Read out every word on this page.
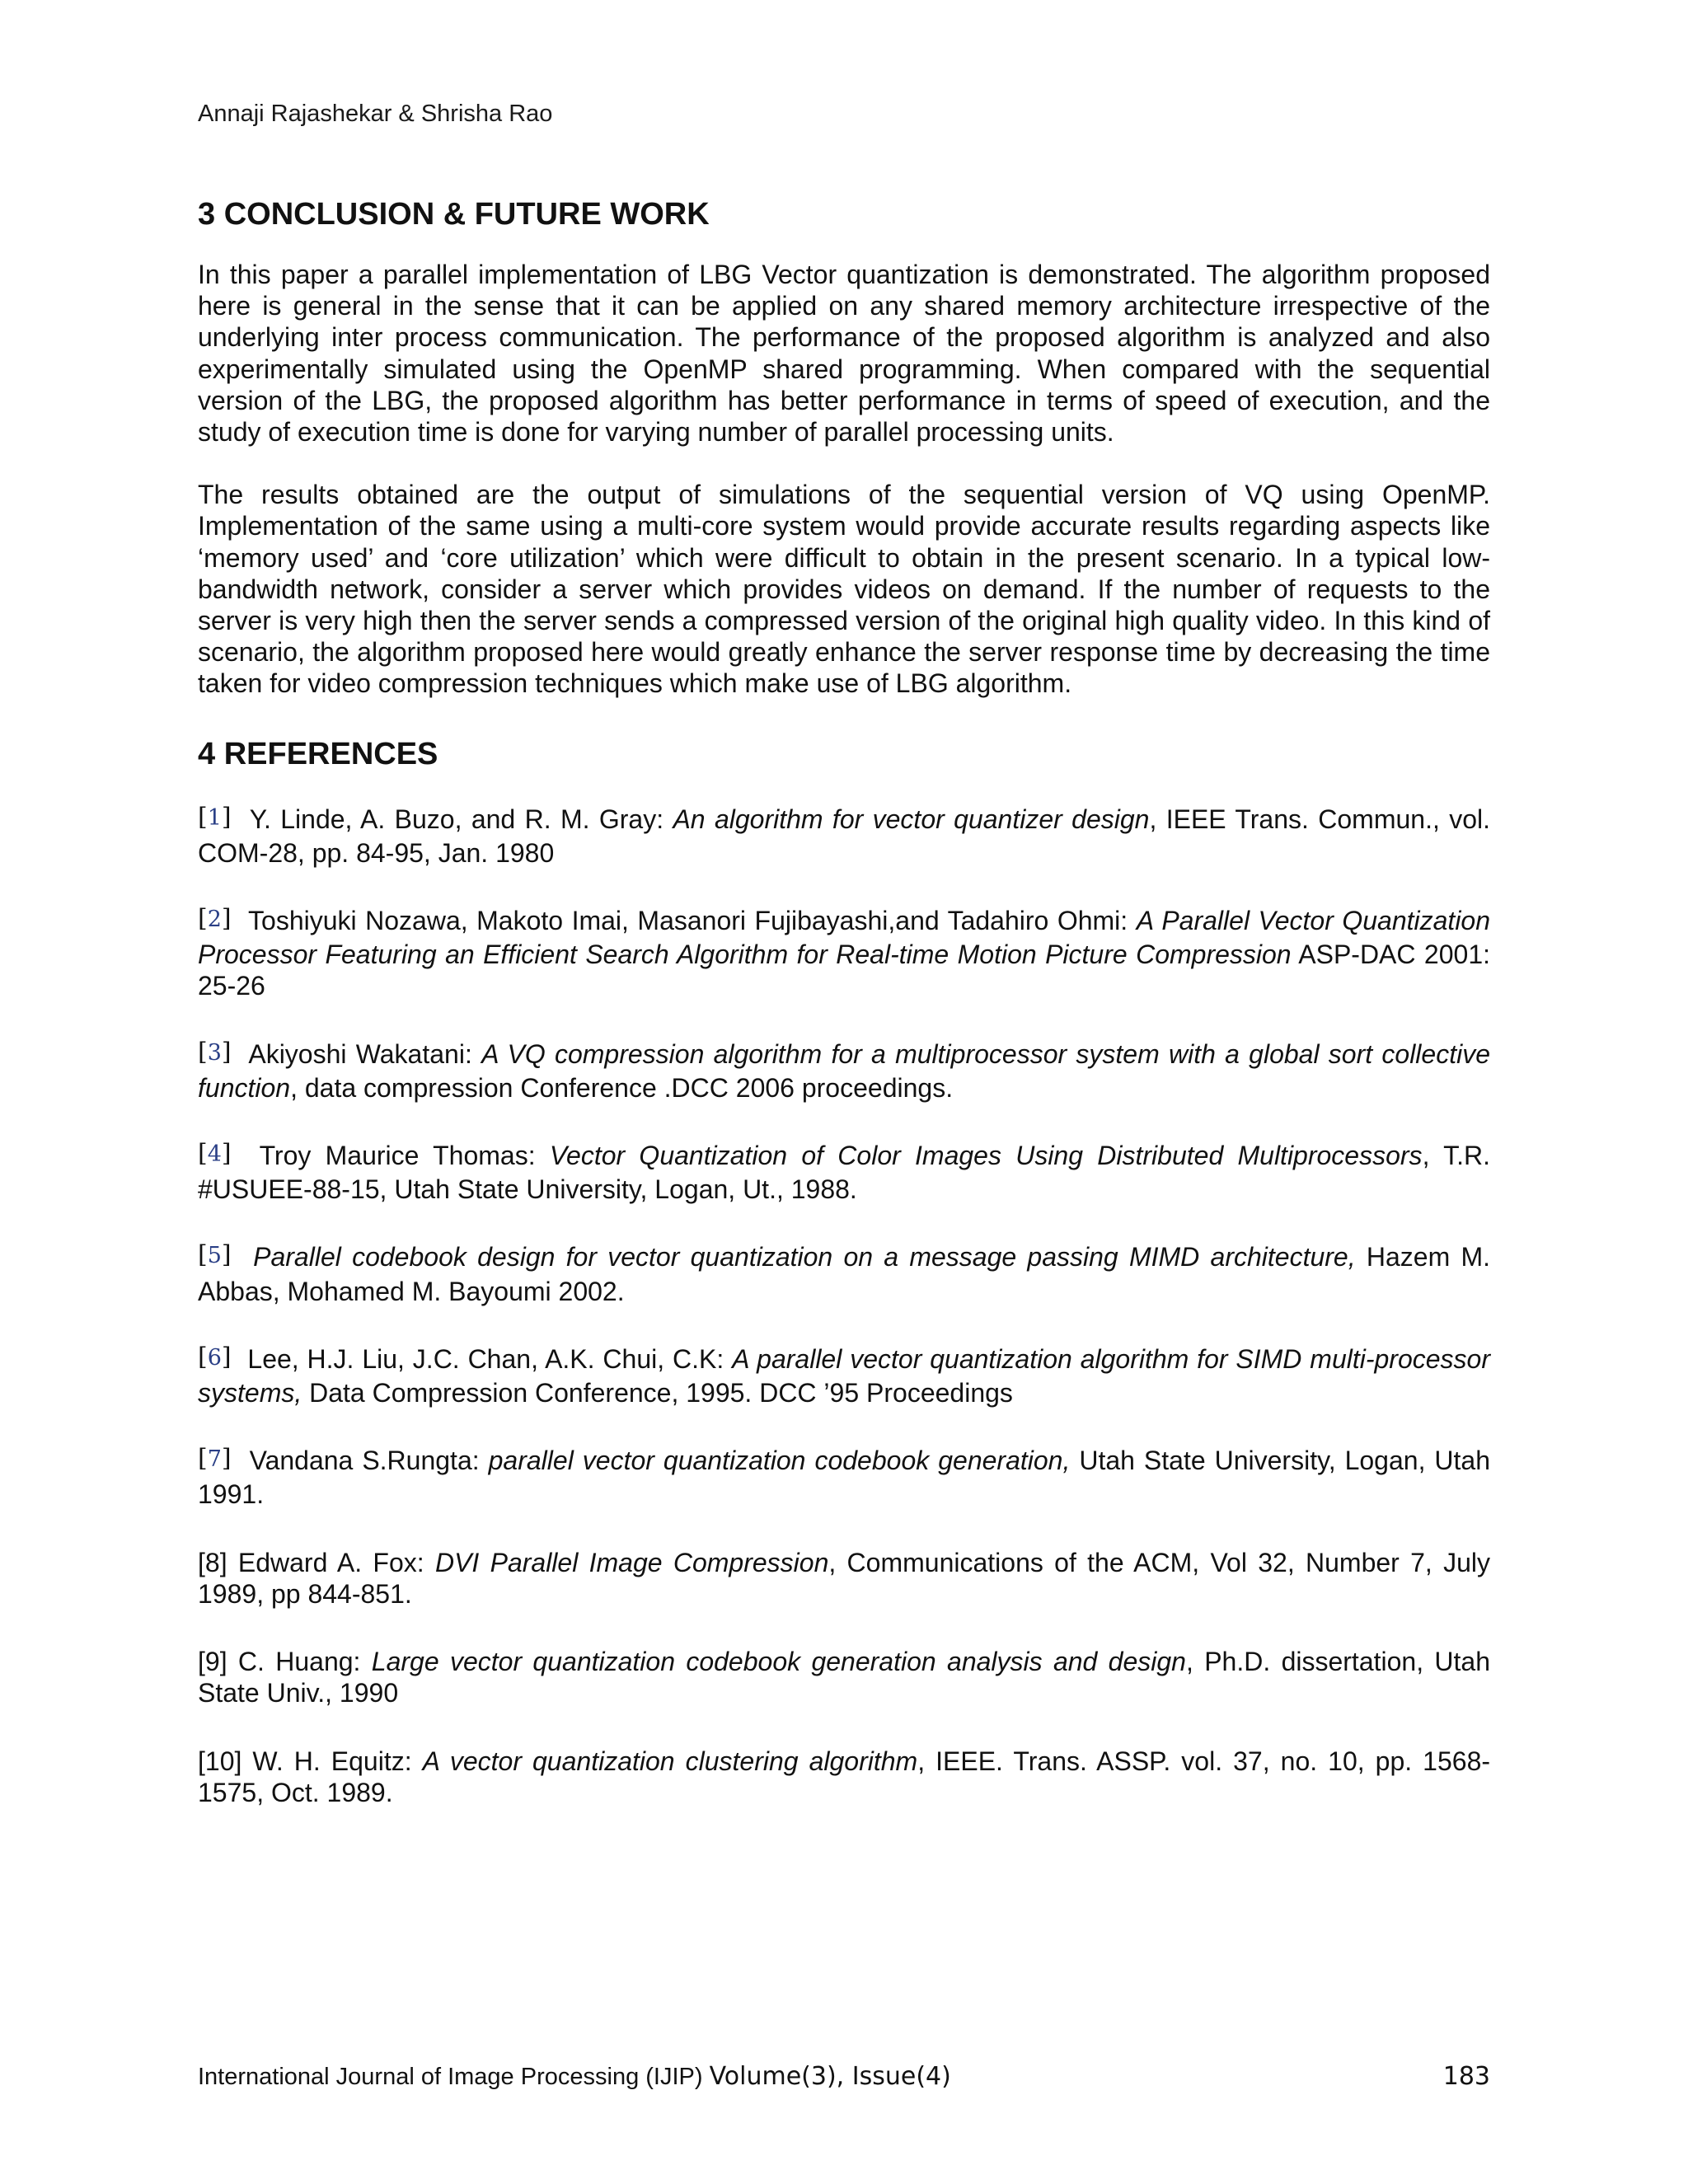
Annaji Rajashekar & Shrisha Rao
3 CONCLUSION & FUTURE WORK

In this paper a parallel implementation of LBG Vector quantization is demonstrated. The algorithm proposed here is general in the sense that it can be applied on any shared memory architecture irrespective of the underlying inter process communication. The performance of the proposed algorithm is analyzed and also experimentally simulated using the OpenMP shared programming. When compared with the sequential version of the LBG, the proposed algorithm has better performance in terms of speed of execution, and the study of execution time is done for varying number of parallel processing units.

The results obtained are the output of simulations of the sequential version of VQ using OpenMP. Implementation of the same using a multi-core system would provide accurate results regarding aspects like ‘memory used’ and ‘core utilization’ which were difficult to obtain in the present scenario. In a typical low-bandwidth network, consider a server which provides videos on demand. If the number of requests to the server is very high then the server sends a compressed version of the original high quality video. In this kind of scenario, the algorithm proposed here would greatly enhance the server response time by decreasing the time taken for video compression techniques which make use of LBG algorithm.

4 REFERENCES
[1] Y. Linde, A. Buzo, and R. M. Gray: An algorithm for vector quantizer design, IEEE Trans. Commun., vol. COM-28, pp. 84-95, Jan. 1980
[2] Toshiyuki Nozawa, Makoto Imai, Masanori Fujibayashi,and Tadahiro Ohmi: A Parallel Vector Quantization Processor Featuring an Efficient Search Algorithm for Real-time Motion Picture Compression ASP-DAC 2001: 25-26
[3] Akiyoshi Wakatani: A VQ compression algorithm for a multiprocessor system with a global sort collective function, data compression Conference .DCC 2006 proceedings.
[4] Troy Maurice Thomas: Vector Quantization of Color Images Using Distributed Multiprocessors, T.R. #USUEE-88-15, Utah State University, Logan, Ut., 1988.
[5] Parallel codebook design for vector quantization on a message passing MIMD architecture, Hazem M. Abbas, Mohamed M. Bayoumi 2002.
[6] Lee, H.J. Liu, J.C. Chan, A.K. Chui, C.K: A parallel vector quantization algorithm for SIMD multi-processor systems, Data Compression Conference, 1995. DCC ’95 Proceedings
[7] Vandana S.Rungta: parallel vector quantization codebook generation, Utah State University, Logan, Utah 1991.
[8] Edward A. Fox: DVI Parallel Image Compression, Communications of the ACM, Vol 32, Number 7, July 1989, pp 844-851.
[9] C. Huang: Large vector quantization codebook generation analysis and design, Ph.D. dissertation, Utah State Univ., 1990
[10] W. H. Equitz: A vector quantization clustering algorithm, IEEE. Trans. ASSP. vol. 37, no. 10, pp. 1568-1575, Oct. 1989.
International Journal of Image Processing (IJIP) Volume(3), Issue(4)	183
